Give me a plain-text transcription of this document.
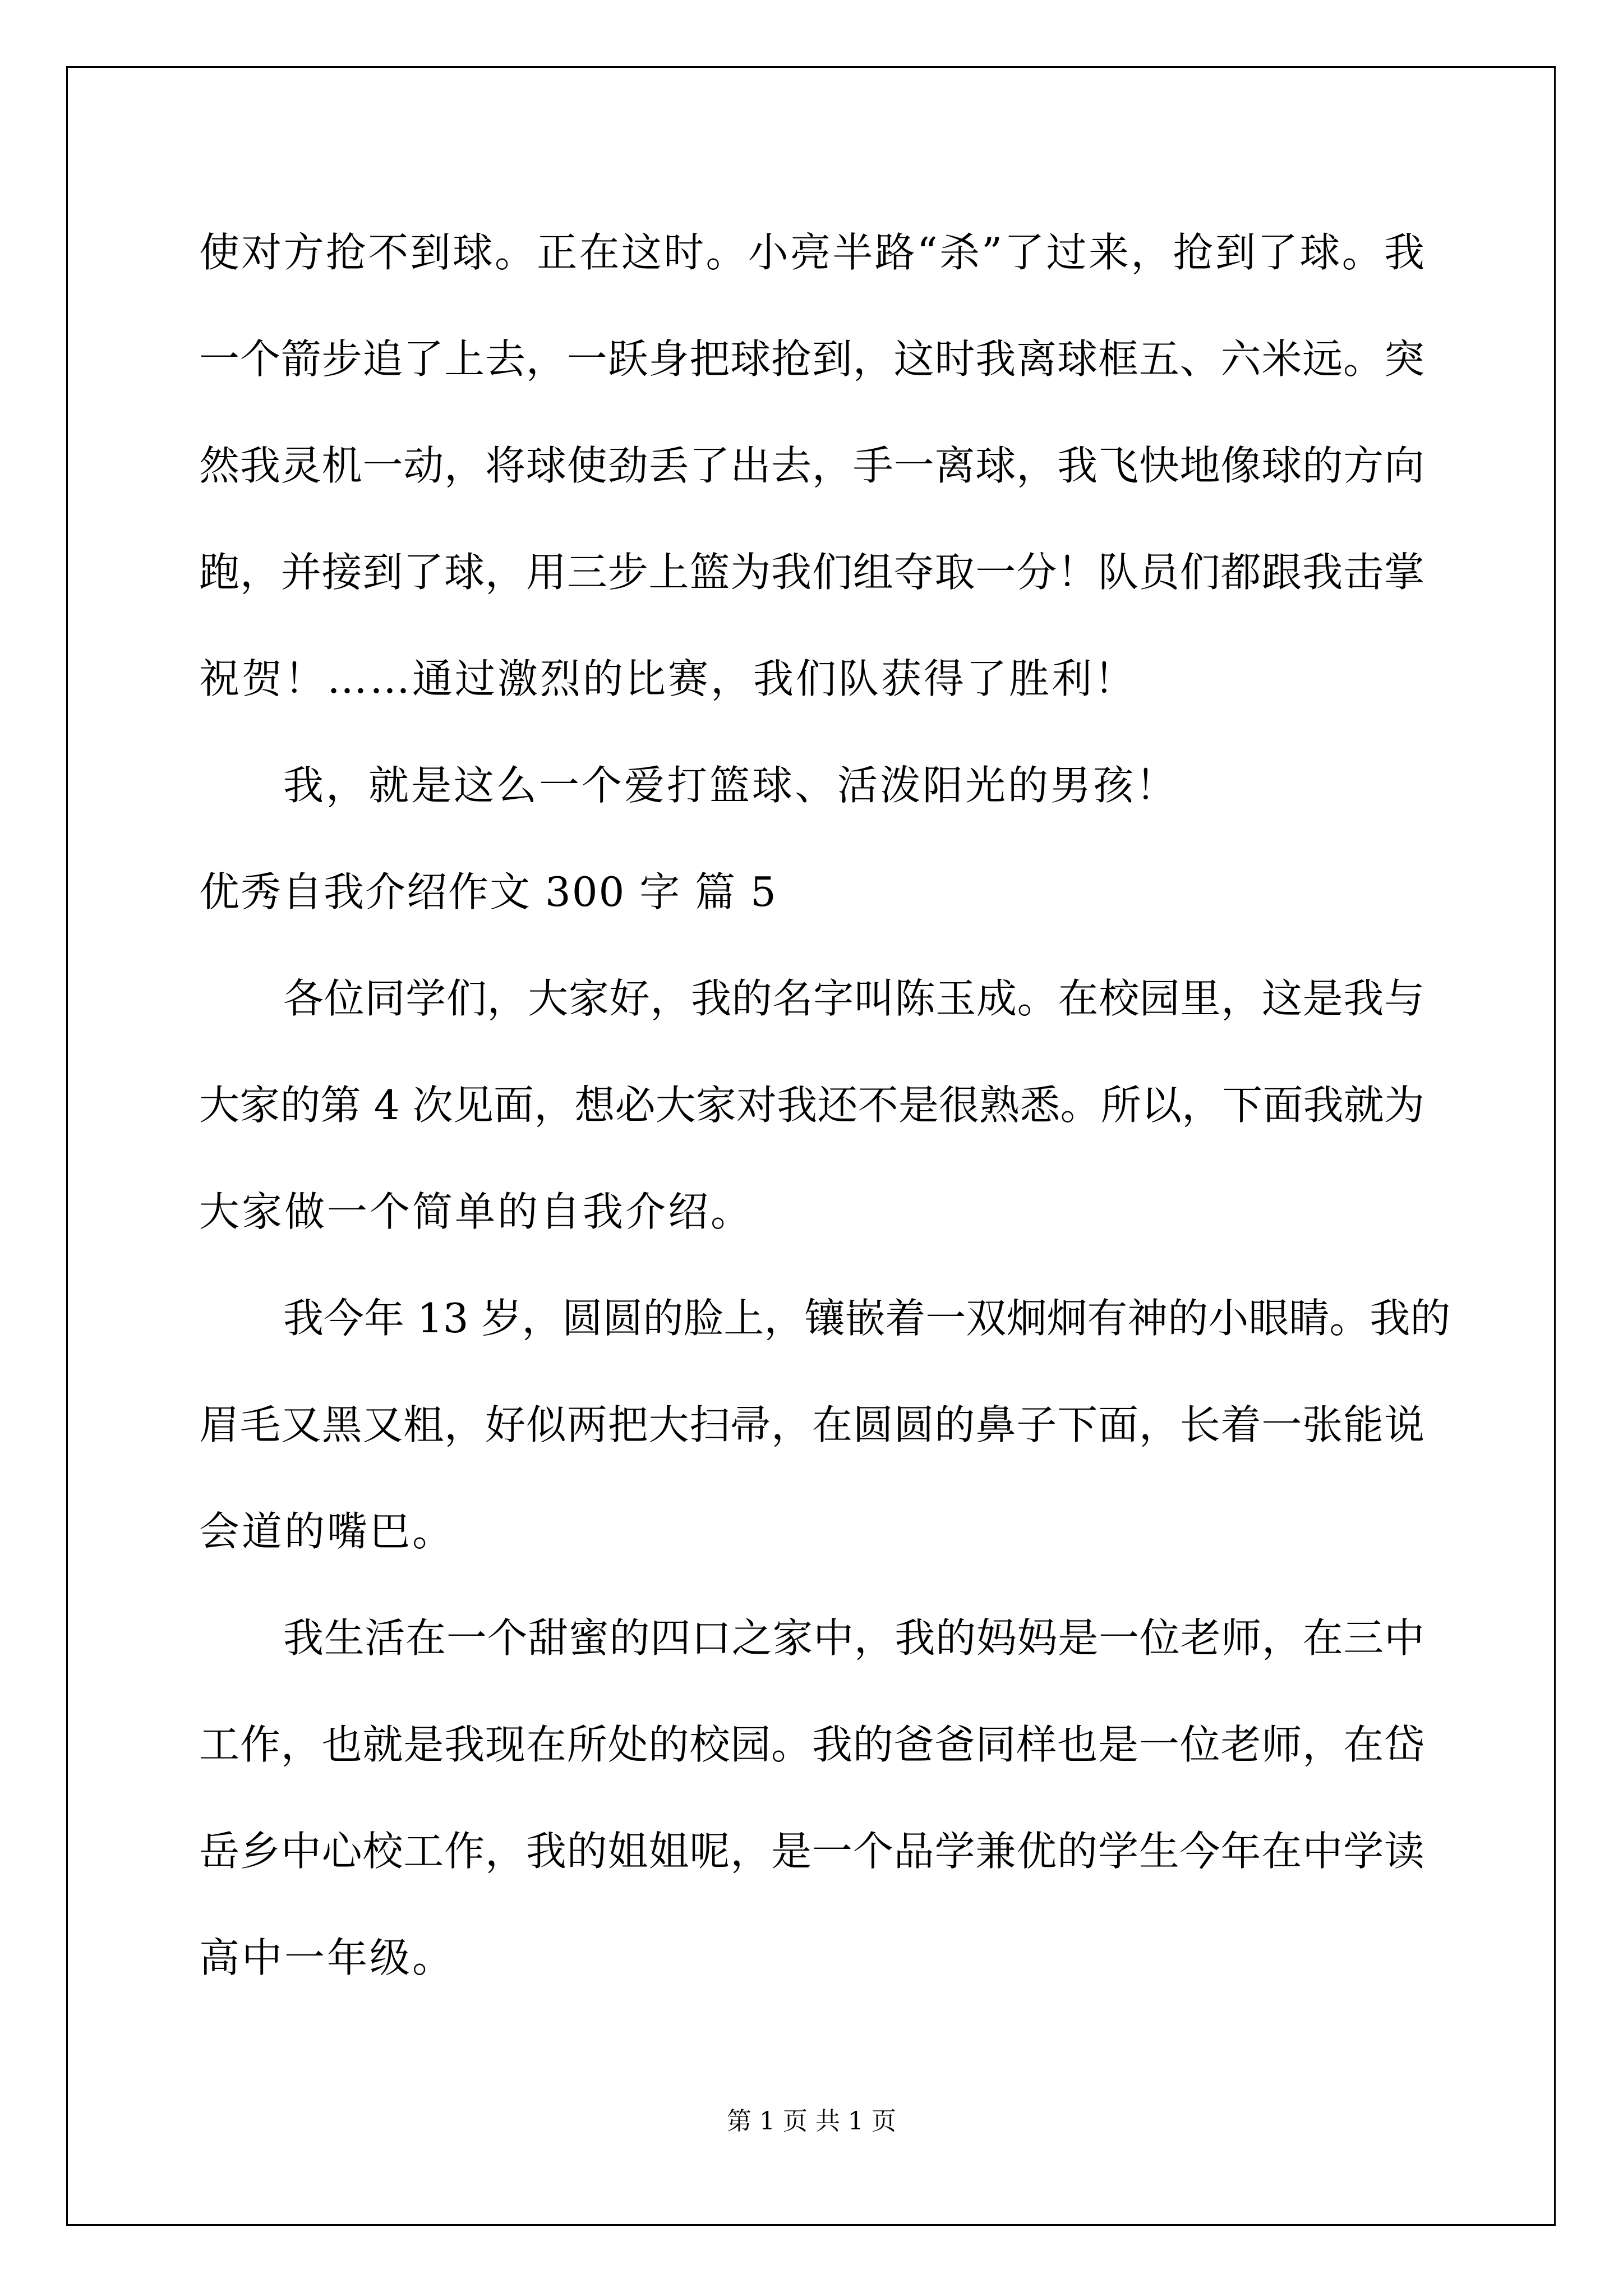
使对方抢不到球。正在这时。小亮半路“杀”了过来，抢到了球。我
一个箭步追了上去，一跃身把球抢到，这时我离球框五、六米远。突
然我灵机一动，将球使劲丢了出去，手一离球，我飞快地像球的方向
跑，并接到了球，用三步上篮为我们组夺取一分！队员们都跟我击掌
祝贺！……通过激烈的比赛，我们队获得了胜利！
我，就是这么一个爱打篮球、活泼阳光的男孩！
优秀自我介绍作文 300 字 篇 5
各位同学们，大家好，我的名字叫陈玉成。在校园里，这是我与
大家的第 4 次见面，想必大家对我还不是很熟悉。所以，下面我就为
大家做一个简单的自我介绍。
我今年 13 岁，圆圆的脸上，镶嵌着一双炯炯有神的小眼睛。我的
眉毛又黑又粗，好似两把大扫帚，在圆圆的鼻子下面，长着一张能说
会道的嘴巴。
我生活在一个甜蜜的四口之家中，我的妈妈是一位老师，在三中
工作，也就是我现在所处的校园。我的爸爸同样也是一位老师，在岱
岳乡中心校工作，我的姐姐呢，是一个品学兼优的学生今年在中学读
高中一年级。
第 1 页 共 1 页
